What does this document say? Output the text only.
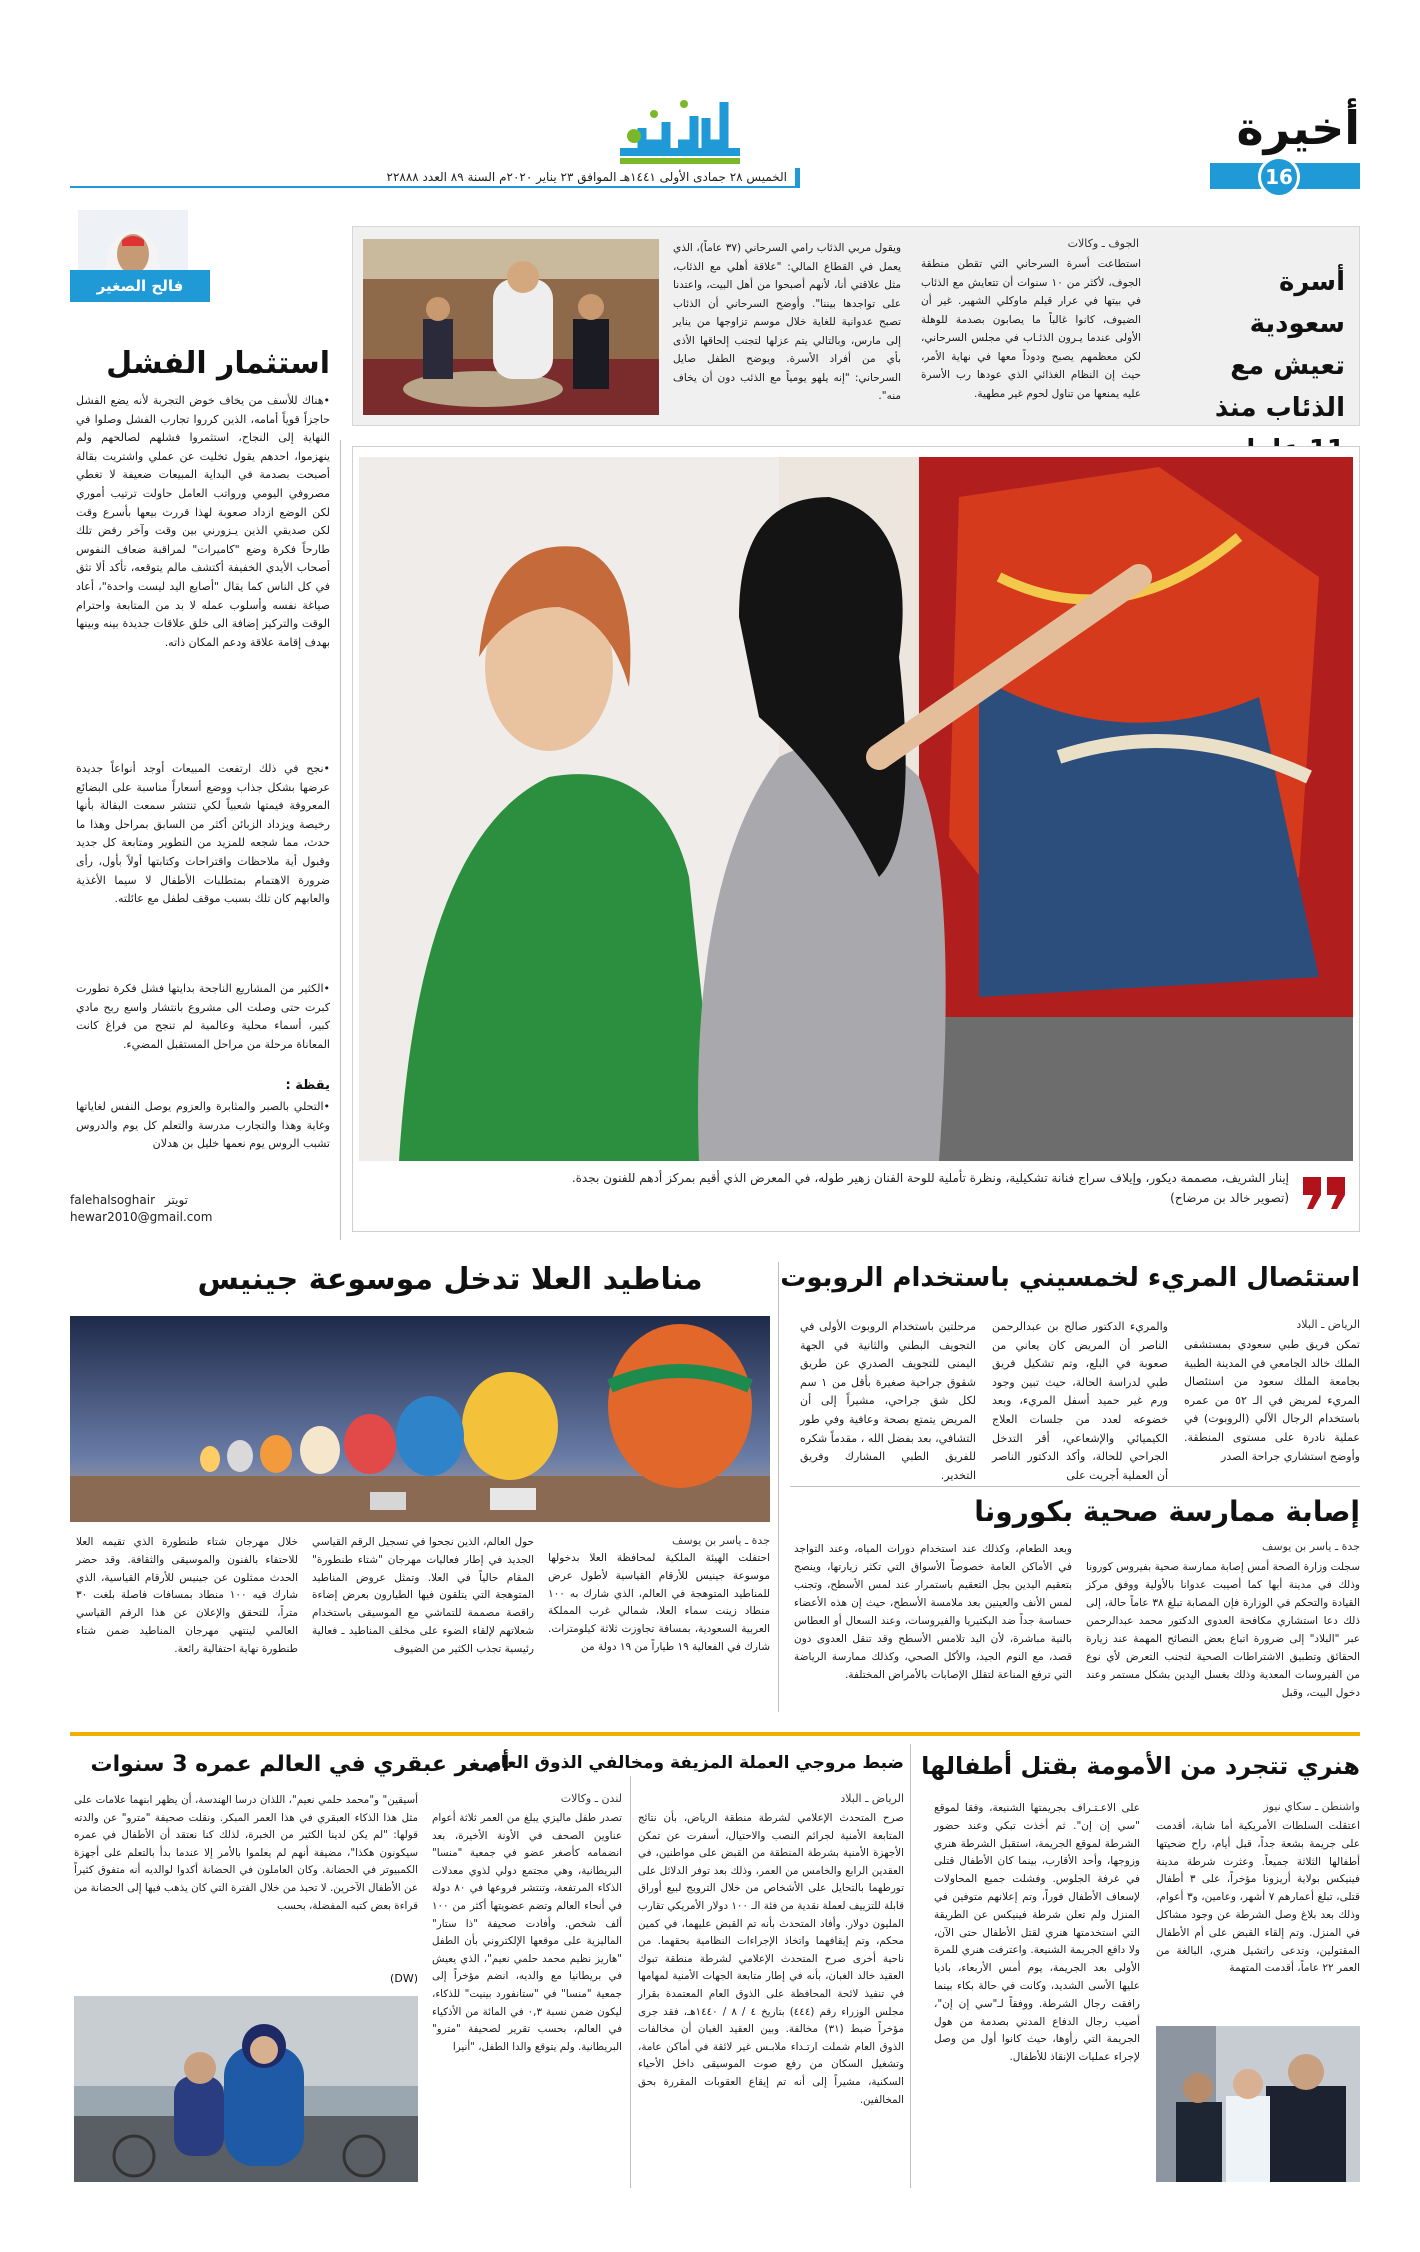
أخيرة
16
الخميس ٢٨ جمادى الأولى ١٤٤١هـ الموافق ٢٣ يناير ٢٠٢٠م السنة ٨٩ العدد ٢٢٨٨٨
أسرة سعودية تعيش مع الذئاب منذ
الجوف ـ وكالات
استطاعت أسرة السرحاني التي تقطن منطقة الجوف، لأكثر من ١٠ سنوات أن تتعايش مع الذئاب في بيتها في عرار قيلم ماوكلي الشهير. غير أن الضيوف، كانوا غالباً ما يصابون بصدمة للوهلة الأولى عندما يـرون الذئـاب في مجلس السرحاني، لكن معظمهم يصبح ودوداً معها في نهاية الأمر، حيث إن النظام الغذائي الذي عودها رب الأسرة عليه يمنعها من تناول لحوم غير مطهية.
ويقول مربي الذئاب رامي السرحاني (٣٧ عاماً)، الذي يعمل في القطاع المالي: "علاقة أهلي مع الذئاب، مثل علاقتي أنا، لأنهم أصبحوا من أهل البيت، واعتدنا على تواجدها بيننا". وأوضح السرحاني أن الذئاب تصبح عدوانية للغاية خلال موسم تزاوجها من يناير إلى مارس، وبالتالي يتم عزلها لتجنب إلحاقها الأذى بأي من أفراد الأسرة. ويوضح الطفل صايل السرحاني: "إنه يلهو يومياً مع الذئب دون أن يخاف منه".
فالح الصغير
استثمار الفشل
•هناك للأسف من يخاف خوض التجربة لأنه يضع الفشل حاجزاً قوياً أمامه، الذين كرروا تجارب الفشل وصلوا في النهاية إلى النجاح، استثمروا فشلهم لصالحهم ولم ينهزموا، احدهم يقول تخليت عن عملي واشتريت بقالة أصبحت بصدمة في البداية المبيعات ضعيفة لا تغطي مصروفي اليومي ورواتب العامل حاولت ترتيب أموري لكن الوضع ازداد صعوبة لهذا قررت بيعها بأسرع وقت لكن صديقي الذين يـزورني بين وقت وآخر رفض تلك طارحاً فكرة وضع "كاميرات" لمراقبة ضعاف النفوس أصحاب الأيدي الخفيفة أكتشف مالم يتوقعه، تأكد ألا تثق في كل الناس كما يقال "أصابع اليد ليست واحدة"، أعاد صياغة نفسه وأسلوب عمله لا بد من المتابعة واحترام الوقت والتركيز إضافة الى خلق علاقات جديدة بينه وبينها بهدف إقامة علاقة ودعم المكان ذاته.
•نجح في ذلك ارتفعت المبيعات أوجد أنواعاً جديدة عرضها بشكل جذاب ووضع أسعاراً مناسبة على البضائع المعروفة فيمتها شعبياً لكي تنتشر سمعت البقالة بأنها رخيصة ويزداد الزبائن أكثر من السابق بمراحل وهذا ما حدث، مما شجعه للمزيد من التطوير ومتابعة كل جديد وقبول أية ملاحظات واقتراحات وكتابتها أولاً بأول، رأى ضرورة الاهتمام بمتطلبات الأطفال لا سيما الأغذية والعابهم كان تلك بسبب موقف لطفل مع عائلته.
•الكثير من المشاريع الناجحة بدايتها فشل فكرة تطورت كبرت حتى وصلت الى مشروع بانتشار واسع ربح مادي كبير، أسماء محلية وعالمية لم تنجح من فراغ كانت المعاناة مرحلة من مراحل المستقبل المضيء.
يقظة :
•التحلي بالصبر والمثابرة والعزوم يوصل النفس لغاياتها وغاية وهذا والتجارب مدرسة والتعلم كل يوم والدروس تشبب الروس يوم نعمها خليل بن هدلان
falehalsoghair تويتر
hewar2010@gmail.com
إينار الشريف، مصممة ديكور، وإيلاف سراج فنانة تشكيلية، ونظرة تأملية للوحة الفنان زهير طوله، في المعرض الذي أقيم بمركز أدهم للفنون بجدة.
(تصوير خالد بن مرضاح)
استئصال المريء لخمسيني باستخدام الروبوت
الرياض ـ البلاد
تمكن فريق طبي سعودي بمستشفى الملك خالد الجامعي في المدينة الطبية بجامعة الملك سعود من استئصال المريء لمريض في الـ ٥٢ من عمره باستخدام الرجال الآلي (الروبوت) في عملية نادرة على مستوى المنطقة. وأوضح استشاري جراحة الصدر
والمريء الدكتور صالح بن عبدالرحمن الناصر أن المريض كان يعاني من صعوبة في البلع، وتم تشكيل فريق طبي لدراسة الحالة، حيث تبين وجود ورم غير حميد أسفل المريء، وبعد خضوعه لعدد من جلسات العلاج الكيميائي والإشعاعي، أقر التدخل الجراحي للحالة، وأكد الدكتور الناصر أن العملية أجريت على
مرحلتين باستخدام الروبوت الأولى في التجويف البطني والثانية في الجهة اليمنى للتجويف الصدري عن طريق شقوق جراحية صغيرة بأقل من ١ سم لكل شق جراحي، مشيراً إلى أن المريض يتمتع بصحة وعافية وفي طور التشافي، بعد بفضل الله ، مقدماً شكره للفريق الطبي المشارك وفريق التخدير.
إصابة ممارسة صحية بكورونا
جدة ـ ياسر بن يوسف
سجلت وزارة الصحة أمس إصابة ممارسة صحية بفيروس كورونا وذلك في مدينة أبها كما أصيبت عدوانا بالأولية ووفق مركز القيادة والتحكم في الوزارة فإن المصابة تبلغ ٣٨ عاماً حالة، إلى ذلك دعا استشاري مكافحة العدوى الدكتور محمد عبدالرحمن عبر "البلاد" إلى ضرورة اتباع بعض النصائح المهمة عند زيارة الحقائق وتطبيق الاشتراطات الصحية لتجنب التعرض لأي نوع من الفيروسات المعدية وذلك بغسل اليدين بشكل مستمر وعند دخول البيت، وقبل
وبعد الطعام، وكذلك عند استخدام دورات المياه، وعند التواجد في الأماكن العامة خصوصاً الأسواق التي تكثر زيارتها، وينصح بتعقيم اليدين بجل التعقيم باستمرار عند لمس الأسطح، وتجنب لمس الأنف والعينين بعد ملامسة الأسطح، حيث إن هذه الأعضاء حساسة جداً ضد البكتيريا والفيروسات، وعند السعال أو العطاس بالنية مباشرة، لأن اليد تلامس الأسطح وقد تنقل العدوى دون قصد، مع النوم الجيد، والأكل الصحي، وكذلك ممارسة الرياضة التي ترفع المناعة لتقلل الإصابات بالأمراض المختلفة.
مناطيد العلا تدخل موسوعة جينيس
جدة ـ ياسر بن يوسف
احتفلت الهيئة الملكية لمحافظة العلا بدخولها موسوعة جينيس للأرقام القياسية لأطول عرض للمناطيد المتوهجة في العالم، الذي شارك به ١٠٠ منطاد زينت سماء العلا، شمالي غرب المملكة العربية السعودية، بمسافة تجاوزت ثلاثة كيلومترات. شارك في الفعالية ١٩ طياراً من ١٩ دولة من
حول العالم، الذين نجحوا في تسجيل الرقم القياسي الجديد في إطار فعاليات مهرجان "شتاء طنطورة" المقام حالياً في العلا. وتمثل عروض المناطيد المتوهجة التي يتلقون فيها الطيارون بعرض إضاءة راقصة مصممة للتماشي مع الموسيقى باستخدام شعلاتهم لإلقاء الضوء على مخلف المناطيد ـ فعالية رئيسية تجذب الكثير من الضيوف
خلال مهرجان شتاء طنطورة الذي تقيمه العلا للاحتفاء بالفنون والموسيقى والثقافة. وقد حضر الحدث ممثلون عن جينيس للأرقام القياسية، الذي شارك فيه ١٠٠ منطاد بمسافات فاصلة بلغت ٣٠ متراً، للتحقق والإعلان عن هذا الرقم القياسي العالمي لينتهي مهرجان المناطيد ضمن شتاء طنطورة نهاية احتفالية رائعة.
هنري تتجرد من الأمومة بقتل أطفالها
واشنطن ـ سكاي نيوز
اعتقلت السلطات الأمريكية أما شابة، أقدمت على جريمة بشعة جداً، قبل أيام، راح ضحيتها أطفالها الثلاثة جميعاً. وعثرت شرطة مدينة فينيكس بولاية أريزونا مؤخراً، على ٣ أطفال قتلى، تبلغ أعمارهم ٧ أشهر، وعامين، و٣ أعوام، وذلك بعد بلاغ وصل الشرطة عن وجود مشاكل في المنزل. وتم إلقاء القبض على أم الأطفال المقتولين، وتدعى راتشيل هنري، البالغة من العمر ٢٢ عاماً، أقدمت المتهمة
على الاعـتـراف بجريمتها الشنيعة، وفقا لموقع "سي إن إن". ثم أخذت تبكي وعند حضور الشرطة لموقع الجريمة، استقبل الشرطة هنري وزوجها، وأحد الأقارب، بينما كان الأطفال قتلى في غرفة الجلوس. وفشلت جميع المحاولات لإسعاف الأطفال فوراً، وتم إعلانهم متوفين في المنزل ولم تعلن شرطة فينيكس عن الطريقة التي استخدمتها هنري لقتل الأطفال حتى الآن، ولا دافع الجريمة الشنيعة. واعترفت هنري للمرة الأولى بعد الجريمة، يوم أمس الأربعاء، باديا عليها الأسى الشديد، وكانت في حالة بكاء بينما رافقت رجال الشرطة. ووفقاً لـ"سي إن إن"، أصيب رجال الدفاع المدني بصدمة من هول الجريمة التي رأوها، حيث كانوا أول من وصل لإجراء عمليات الإنقاذ للأطفال.
ضبط مروجي العملة المزيفة ومخالفي الذوق العام
الرياض ـ البلاد
صرح المتحدث الإعلامي لشرطة منطقة الرياض، بأن نتائج المتابعة الأمنية لجرائم النصب والاحتيال، أسفرت عن تمكن الأجهزة الأمنية بشرطة المنطقة من القبض على مواطنين، في العقدين الرابع والخامس من العمر، وذلك بعد توفر الدلائل على تورطهما بالتحايل على الأشخاص من خلال الترويج لبيع أوراق قابلة للتزييف لعملة نقدية من فئة الـ ١٠٠ دولار الأمريكي تقارب المليون دولار. وأفاد المتحدث بأنه تم القبض عليهما، في كمين محكم، وتم إيقافهما واتخاذ الإجراءات النظامية بحقهما. من ناحية أخرى صرح المتحدث الإعلامي لشرطة منطقة تبوك العقيد خالد الغبان، بأنه في إطار متابعة الجهات الأمنية لمهامها في تنفيذ لائحة المحافظة على الذوق العام المعتمدة بقرار مجلس الوزراء رقم (٤٤٤) بتاريخ ٤ / ٨ / ١٤٤٠هـ، فقد جرى مؤخراً ضبط (٣١) مخالفة. وبين العقيد الغبان أن مخالفات الذوق العام شملت ارتـداء ملابـس غير لائقة في أماكن عامة، وتشغيل السكان من رفع صوت الموسيقى داخل الأحياء السكنية، مشيراً إلى أنه تم إيقاع العقوبات المقررة بحق المخالفين.
لندن ـ وكالات
تصدر طفل ماليزي يبلغ من العمر ثلاثة أعوام عناوين الصحف في الأونة الأخيرة، بعد انضمامه كأصغر عضو في جمعية "منسا" البريطانية، وهي مجتمع دولي لذوي معدلات الذكاء المرتفعة، وتنتشر فروعها في ٨٠ دولة في أنحاء العالم وتضم عضويتها أكثر من ١٠٠ ألف شخص. وأفادت صحيفة "ذا ستار" الماليزية على موقعها الإلكتروني بأن الطفل "هاريز نظيم محمد حلمي نعيم"، الذي يعيش في بريطانيا مع والديه، انضم مؤخراً إلى جمعية "منسا" في "ستانفورد بينيت" للذكاء، ليكون ضمن نسبة ٠,٣ في المائة من الأذكياء في العالم، بحسب تقرير لصحيفة "مترو" البريطانية. ولم يتوقع والدا الطفل، "أنيرا
أسيقين" و"محمد حلمي نعيم"، اللذان درسا الهندسة، أن يظهر ابنهما علامات على مثل هذا الذكاء العبقري في هذا العمر المبكر. ونقلت صحيفة "مترو" عن والدته قولها: "لم يكن لدينا الكثير من الخبرة، لذلك كنا نعتقد أن الأطفال في عمره سيكونون هكذا"، مضيفة أنهم لم يعلموا بالأمر إلا عندما بدأ بالتعلم على أجهزة الكمبيوتر في الحضانة. وكان العاملون في الحضانة أكدوا لوالديه أنه متفوق كثيراً عن الأطفال الآخرين. لا تحبذ من خلال الفترة التي كان يذهب فيها إلى الحضانة من قراءة بعض كتبه المفضلة، بحسب
(DW)
أصغر عبقري في العالم عمره 3 سنوات
